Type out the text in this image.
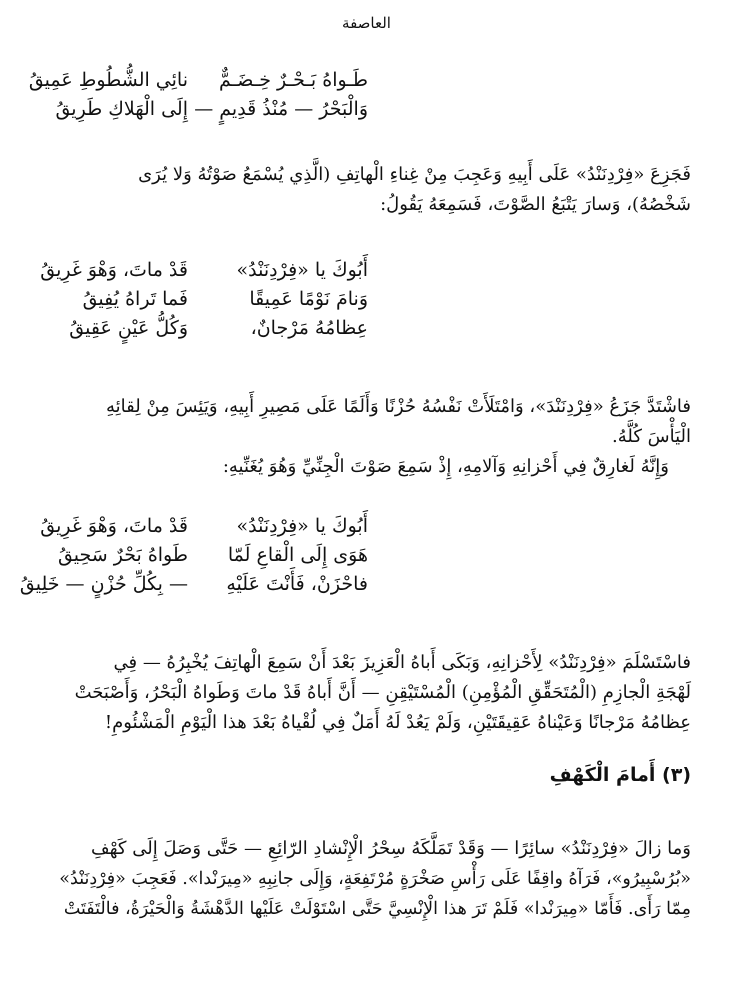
العاصفة
طَـواهُ بَـحْـرٌ خِـضَـمٌّ
نائِي الشُّطُوطِ عَمِيقُ
وَالْبَحْرُ — مُنْذُ قَدِيمٍ —
إِلَى الْهَلاكِ طَرِيقُ

فَجَزِعَ «فِرْدِنَنْدُ» عَلَى أَبِيهِ وَعَجِبَ مِنْ غِناءِ الْهاتِفِ (الَّذِي يُسْمَعُ صَوْتُهُ وَلا يُرَى
شَخْصُهُ)، وَسارَ يَتْبَعُ الصَّوْتَ، فَسَمِعَهُ يَقُولُ:

أَبُوكَ يا «فِرْدِنَنْدُ»
قَدْ ماتَ، وَهْوَ غَرِيقُ
وَنامَ نَوْمًا عَمِيقًا
فَما تَراهُ يُفِيقُ
عِظامُهُ مَرْجانٌ،
وَكُلُّ عَيْنٍ عَقِيقُ

فاشْتَدَّ جَزَعُ «فِرْدِنَنْدَ»، وَامْتَلَأَتْ نَفْسُهُ حُزْنًا وَأَلَمًا عَلَى مَصِيرِ أَبِيهِ، وَيَئِسَ مِنْ لِقائِهِ
الْيَأْسَ كُلَّهُ.

وَإِنَّهُ لَغارِقٌ فِي أَحْزانِهِ وَآلامِهِ، إِذْ سَمِعَ صَوْتَ الْجِنِّيِّ وَهُوَ يُغَنِّيهِ:

أَبُوكَ يا «فِرْدِنَنْدُ»
قَدْ ماتَ، وَهْوَ غَرِيقُ
هَوَى إِلَى الْقاعِ لَمّا
طَواهُ بَحْرٌ سَحِيقُ
فاحْزَنْ، فَأَنْتَ عَلَيْهِ
— بِكُلِّ حُزْنٍ — خَلِيقُ

فاسْتَسْلَمَ «فِرْدِنَنْدُ» لِأَحْزانِهِ، وَبَكَى أَباهُ الْعَزِيزَ بَعْدَ أَنْ سَمِعَ الْهاتِفَ يُخْبِرُهُ — فِي
لَهْجَةِ الْجازِمِ (الْمُتَحَقِّقِ الْمُؤْمِنِ) الْمُسْتَيْقِنِ — أَنَّ أَباهُ قَدْ ماتَ وَطَواهُ الْبَحْرُ، وَأَصْبَحَتْ
عِظامُهُ مَرْجانًا وَعَيْناهُ عَقِيقَتَيْنِ، وَلَمْ يَعُدْ لَهُ أَمَلٌ فِي لُقْياهُ بَعْدَ هذا الْيَوْمِ الْمَشْئُومِ!

(٣) أَمامَ الْكَهْفِ

وَما زالَ «فِرْدِنَنْدُ» سائِرًا — وَقَدْ تَمَلَّكَهُ سِحْرُ الْإِنْشادِ الرّائِعِ — حَتَّى وَصَلَ إِلَى كَهْفِ
«بُرُسْبِيرُو»، فَرَآهُ واقِفًا عَلَى رَأْسِ صَخْرَةٍ مُرْتَفِعَةٍ، وَإِلَى جانِبِهِ «مِيرَنْدا». فَعَجِبَ «فِرْدِنَنْدُ»
مِمّا رَأَى. فَأَمّا «مِيرَنْدا» فَلَمْ تَرَ هذا الْإِنْسِيَّ حَتَّى اسْتَوْلَتْ عَلَيْها الدَّهْشَةُ وَالْحَيْرَةُ، فالْتَفَتَتْ
